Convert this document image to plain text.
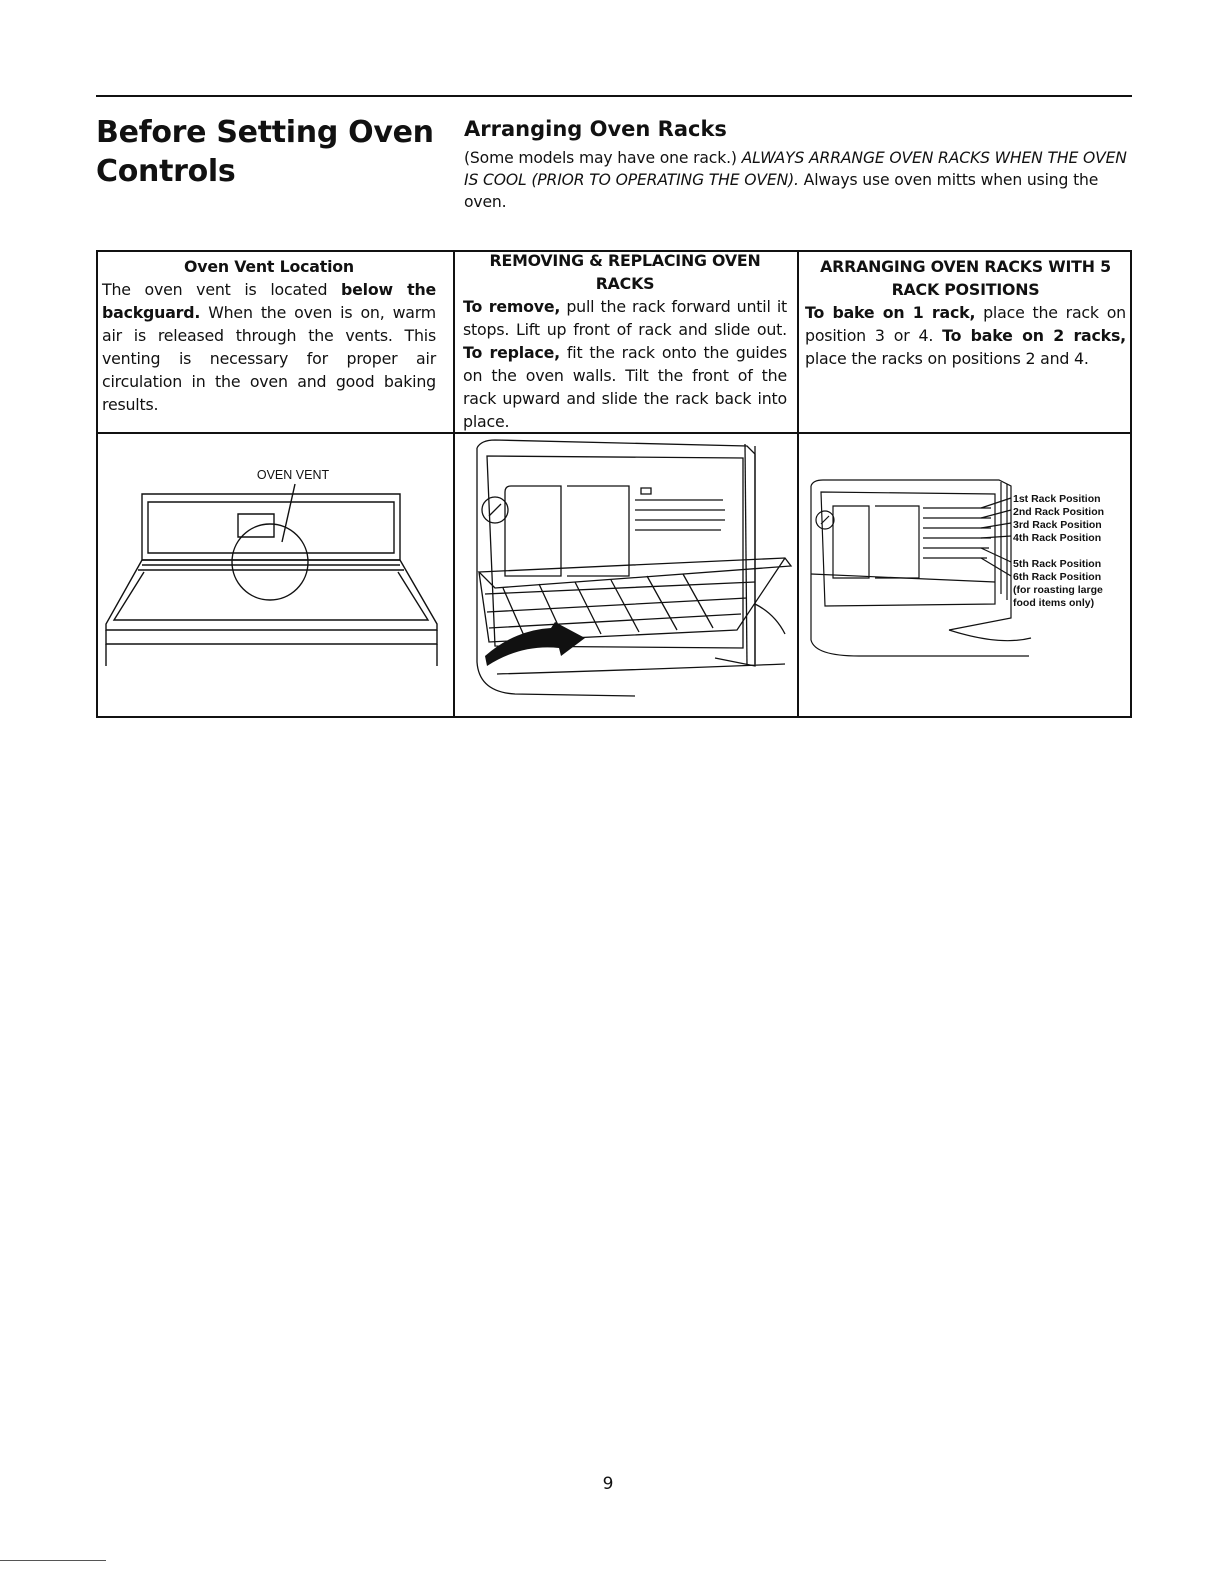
Before Setting Oven
Controls
Arranging Oven Racks

(Some models may have one rack.) ALWAYS ARRANGE OVEN RACKS WHEN THE OVEN IS COOL (PRIOR TO OPERATING THE OVEN). Always use oven mitts when using the oven.

Oven Vent Location

The oven vent is located below the backguard. When the oven is on, warm air is released through the vents. This venting is necessary for proper air circulation in the oven and good baking results.

REMOVING & REPLACING OVEN RACKS

To remove, pull the rack forward until it stops. Lift up front of rack and slide out. To replace, fit the rack onto the guides on the oven walls. Tilt the front of the rack upward and slide the rack back into place.

ARRANGING OVEN RACKS WITH 5 RACK POSITIONS

To bake on 1 rack, place the rack on position 3 or 4. To bake on 2 racks, place the racks on positions 2 and 4.

OVEN VENT
1st Rack Position
2nd Rack Position
3rd Rack Position
4th Rack Position
5th Rack Position
6th Rack Position
(for roasting large
food items only)
9
